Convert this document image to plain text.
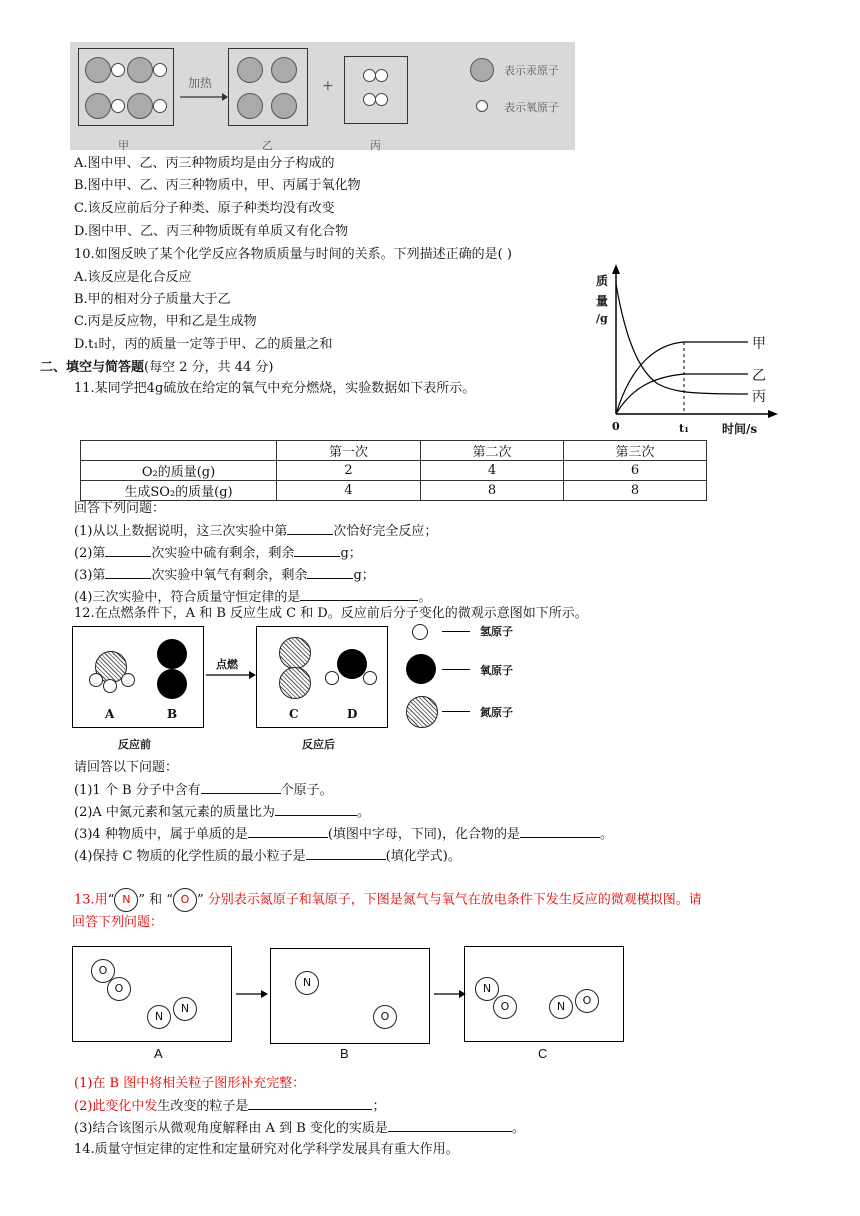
甲
加热
乙
+
丙
表示汞原子
表示氧原子
A.图中甲、乙、丙三种物质均是由分子构成的
B.图中甲、乙、丙三种物质中，甲、丙属于氧化物
C.该反应前后分子种类、原子种类均没有改变
D.图中甲、乙、丙三种物质既有单质又有化合物
10.如图反映了某个化学反应各物质质量与时间的关系。下列描述正确的是( )
A.该反应是化合反应
B.甲的相对分子质量大于乙
C.丙是反应物，甲和乙是生成物
D.t₁时，丙的质量一定等于甲、乙的质量之和
质
量
/g
0	t₁	时间/s
甲
乙
丙
二、填空与简答题(每空 2 分，共 44 分)
11.某同学把4g硫放在给定的氧气中充分燃烧，实验数据如下表所示。
	第一次	第二次	第三次
O₂的质量(g)	2	4	6
生成SO₂的质量(g)	4	8	8
回答下列问题：
(1)从以上数据说明，这三次实验中第	次恰好完全反应；
(2)第	次实验中硫有剩余，剩余	g；
(3)第	次实验中氧气有剩余，剩余	g；
(4)三次实验中，符合质量守恒定律的是	。
12.在点燃条件下，A 和 B 反应生成 C 和 D。反应前后分子变化的微观示意图如下所示。
A	B
点燃
C	D
反应前	反应后
氢原子
氧原子
氮原子
请回答以下问题：
(1)1 个 B 分子中含有	个原子。
(2)A 中氮元素和氢元素的质量比为	。
(3)4 种物质中，属于单质的是	(填图中字母，下同)，化合物的是	。
(4)保持 C 物质的化学性质的最小粒子是	(填化学式)。
13.用“ N ” 和 “ O ” 分别表示氮原子和氧原子，下图是氮气与氧气在放电条件下发生反应的微观模拟图。请
回答下列问题：
O
O
N
N
N
O
N
O	N	O
A	B	C
(1)在 B 图中将相关粒子图形补充完整：
(2)此变化中发生改变的粒子是	；
(3)结合该图示从微观角度解释由 A 到 B 变化的实质是	。
14.质量守恒定律的定性和定量研究对化学科学发展具有重大作用。
